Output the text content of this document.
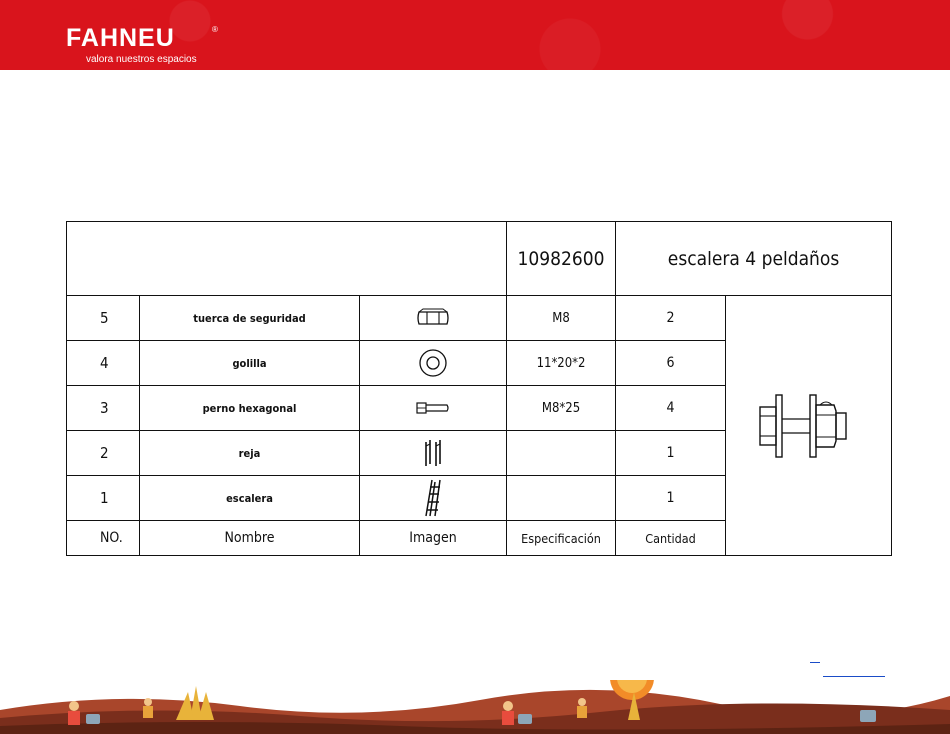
FAHNEU	®
valora nuestros espacios
			10982600	escalera 4 peldaños	
5	tuerca de seguridad		M8	2	

4	golilla		11*20*2	6	
3	perno hexagonal		M8*25	4	
2	reja			1	
1	escalera			1	
NO.	Nombre	Imagen	Especificación	Cantidad	
